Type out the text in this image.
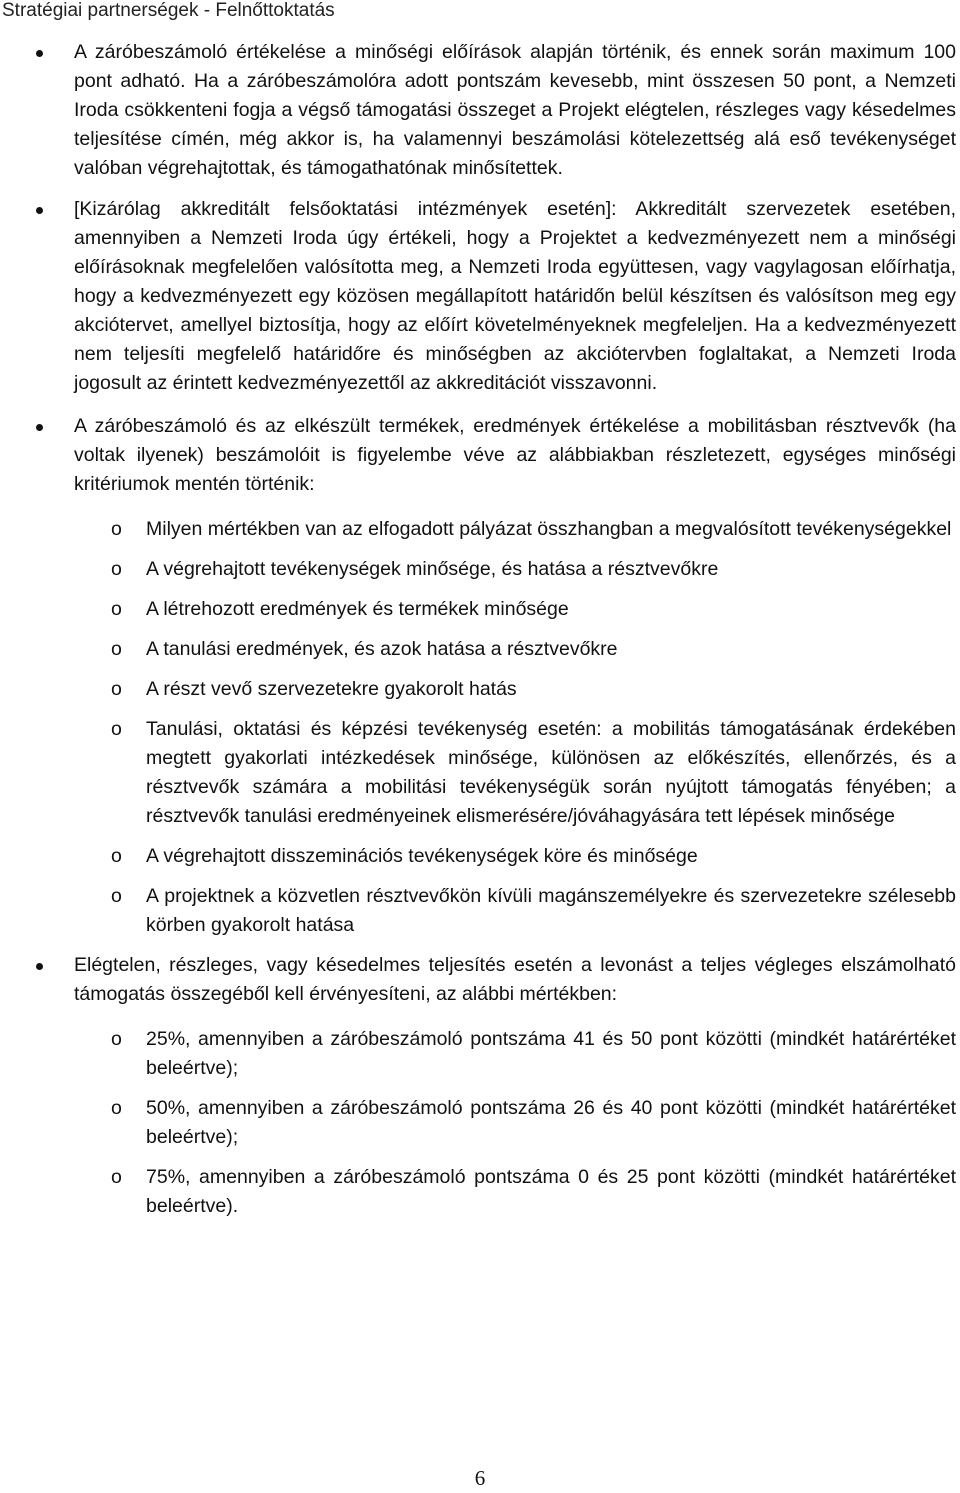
Stratégiai partnerségek - Felnőttoktatás

A záróbeszámoló értékelése a minőségi előírások alapján történik, és ennek során maximum 100 pont adható. Ha a záróbeszámolóra adott pontszám kevesebb, mint összesen 50 pont, a Nemzeti Iroda csökkenteni fogja a végső támogatási összeget a Projekt elégtelen, részleges vagy késedelmes teljesítése címén, még akkor is, ha valamennyi beszámolási kötelezettség alá eső tevékenységet valóban végrehajtottak, és támogathatónak minősítettek.

[Kizárólag akkreditált felsőoktatási intézmények esetén]: Akkreditált szervezetek esetében, amennyiben a Nemzeti Iroda úgy értékeli, hogy a Projektet a kedvezményezett nem a minőségi előírásoknak megfelelően valósította meg, a Nemzeti Iroda együttesen, vagy vagylagosan előírhatja, hogy a kedvezményezett egy közösen megállapított határidőn belül készítsen és valósítson meg egy akciótervet, amellyel biztosítja, hogy az előírt követelményeknek megfeleljen. Ha a kedvezményezett nem teljesíti megfelelő határidőre és minőségben az akciótervben foglaltakat, a Nemzeti Iroda jogosult az érintett kedvezményezettől az akkreditációt visszavonni.

A záróbeszámoló és az elkészült termékek, eredmények értékelése a mobilitásban résztvevők (ha voltak ilyenek) beszámolóit is figyelembe véve az alábbiakban részletezett, egységes minőségi kritériumok mentén történik:

o Milyen mértékben van az elfogadott pályázat összhangban a megvalósított tevékenységekkel

o A végrehajtott tevékenységek minősége, és hatása a résztvevőkre

o A létrehozott eredmények és termékek minősége

o A tanulási eredmények, és azok hatása a résztvevőkre

o A részt vevő szervezetekre gyakorolt hatás

o Tanulási, oktatási és képzési tevékenység esetén: a mobilitás támogatásának érdekében megtett gyakorlati intézkedések minősége, különösen az előkészítés, ellenőrzés, és a résztvevők számára a mobilitási tevékenységük során nyújtott támogatás fényében; a résztvevők tanulási eredményeinek elismerésére/jóváhagyására tett lépések minősége

o A végrehajtott disszeminációs tevékenységek köre és minősége

o A projektnek a közvetlen résztvevőkön kívüli magánszemélyekre és szervezetekre szélesebb körben gyakorolt hatása

Elégtelen, részleges, vagy késedelmes teljesítés esetén a levonást a teljes végleges elszámolható támogatás összegéből kell érvényesíteni, az alábbi mértékben:

o 25%, amennyiben a záróbeszámoló pontszáma 41 és 50 pont közötti (mindkét határértéket beleértve);

o 50%, amennyiben a záróbeszámoló pontszáma 26 és 40 pont közötti (mindkét határértéket beleértve);

o 75%, amennyiben a záróbeszámoló pontszáma 0 és 25 pont közötti (mindkét határértéket beleértve).

6
